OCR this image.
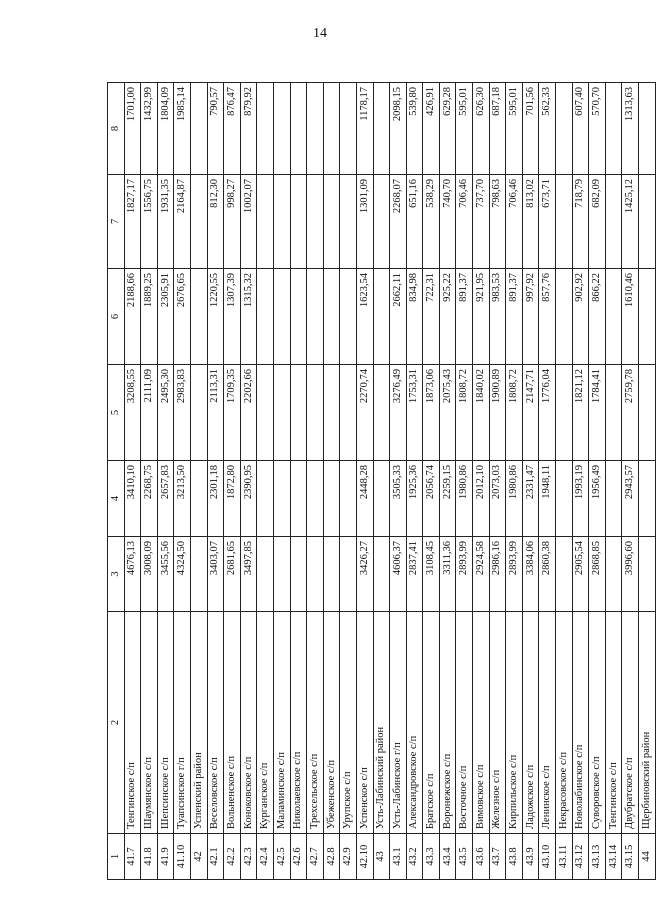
14
1	2	3	4	5	6	7	8
41.7	Тенгинское с/п	4676,13	3410,10	3208,55	2188,66	1827,17	1701,00
41.8	Шаумянское с/п	3008,09	2268,75	2111,09	1889,25	1556,75	1432,99
41.9	Шепсинское с/п	3455,56	2657,83	2495,30	2305,91	1931,35	1804,09
41.10	Туапсинское г/п	4324,50	3213,50	2983,83	2676,65	2164,87	1985,14
42	Успенский район						
42.1	Веселовское с/п	3403,07	2301,18	2113,31	1220,55	812,30	790,57
42.2	Вольненское с/п	2681,65	1872,80	1709,35	1307,39	998,27	876,47
42.3	Коноковское с/п	3497,85	2390,95	2202,66	1315,32	1002,07	879,92
42.4	Курганское с/п						
42.5	Маламинское с/п						
42.6	Николаевское с/п						
42.7	Трехсельское с/п						
42.8	Убеженское с/п						
42.9	Урупское с/п						
42.10	Успенское с/п	3426,27	2448,28	2270,74	1623,54	1301,09	1178,17
43	Усть-Лабинский район						
43.1	Усть-Лабинское г/п	4606,37	3505,33	3276,49	2662,11	2268,07	2098,15
43.2	Александровское с/п	2837,41	1925,36	1753,31	834,98	651,16	539,80
43.3	Братское с/п	3108,45	2056,74	1873,06	722,31	538,29	426,91
43.4	Воронежское с/п	3311,36	2259,15	2075,43	925,22	740,70	629,28
43.5	Восточное с/п	2893,99	1980,86	1808,72	891,37	706,46	595,01
43.6	Вимовское с/п	2924,58	2012,10	1840,02	921,95	737,70	626,30
43.7	Железное с/п	2986,16	2073,03	1900,89	983,53	798,63	687,18
43.8	Кирпильское с/п	2893,99	1980,86	1808,72	891,37	706,46	595,01
43.9	Ладожское с/п	3384,06	2331,47	2147,71	997,92	813,02	701,56
43.10	Ленинское с/п	2860,38	1948,11	1776,04	857,76	673,71	562,33
43.11	Некрасовское с/п						
43.12	Новолабинское с/п	2905,54	1993,19	1821,12	902,92	718,79	607,40
43.13	Суворовское с/п	2868,85	1956,49	1784,41	866,22	682,09	570,70
43.14	Тенгинское с/п						
43.15	Двубратское с/п	3996,60	2943,57	2759,78	1610,46	1425,12	1313,63
44	Щербиновский район						
